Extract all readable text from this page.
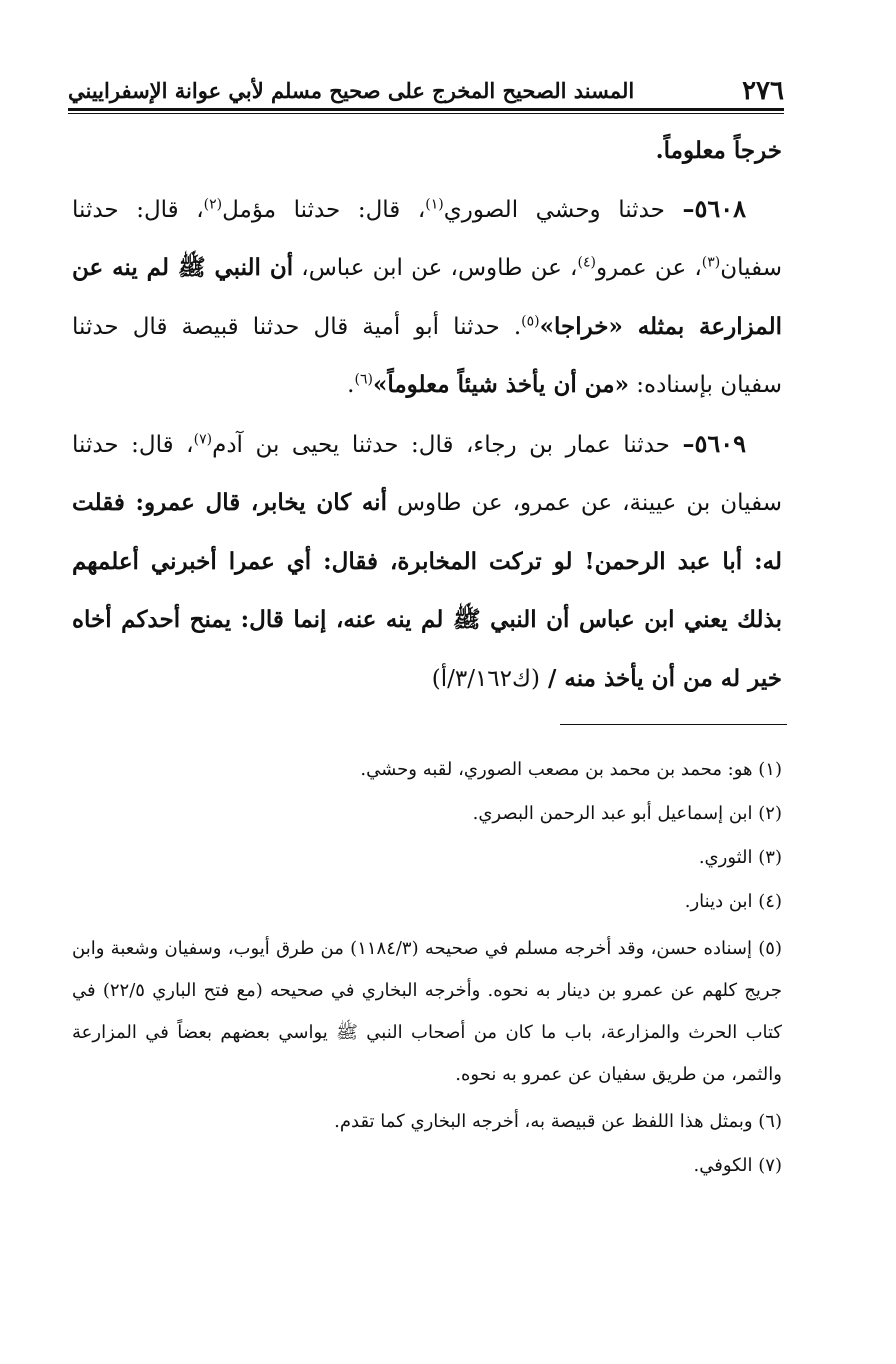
٢٧٦
المسند الصحيح المخرج على صحيح مسلم لأبي عوانة الإسفراييني

خرجاً معلوماً.

٥٦٠٨– حدثنا وحشي الصوري$^{(١)}$، قال: حدثنا مؤمل$^{(٢)}$، قال: حدثنا سفيان$^{(٣)}$، عن عمرو$^{(٤)}$، عن طاوس، عن ابن عباس، أن النبي ﷺ لم ينه عن المزارعة بمثله «خراجا»$^{(٥)}$. حدثنا أبو أمية قال حدثنا قبيصة قال حدثنا سفيان بإسناده: «من أن يأخذ شيئاً معلوماً»$^{(٦)}$.

٥٦٠٩– حدثنا عمار بن رجاء، قال: حدثنا يحيى بن آدم$^{(٧)}$، قال: حدثنا سفيان بن عيينة، عن عمرو، عن طاوس أنه كان يخابر، قال عمرو: فقلت له: أبا عبد الرحمن! لو تركت المخابرة، فقال: أي عمرا أخبرني أعلمهم بذلك يعني ابن عباس أن النبي ﷺ لم ينه عنه، إنما قال: يمنح أحدكم أخاه خير له من أن يأخذ منه / (ك٣/١٦٢/أ)

(١) هو: محمد بن محمد بن مصعب الصوري، لقبه وحشي.

(٢) ابن إسماعيل أبو عبد الرحمن البصري.

(٣) الثوري.

(٤) ابن دينار.

(٥) إسناده حسن، وقد أخرجه مسلم في صحيحه (١١٨٤/٣) من طرق أيوب، وسفيان وشعبة وابن جريج كلهم عن عمرو بن دينار به نحوه. وأخرجه البخاري في صحيحه (مع فتح الباري ٢٢/٥) في كتاب الحرث والمزارعة، باب ما كان من أصحاب النبي ﷺ يواسي بعضهم بعضاً في المزارعة والثمر، من طريق سفيان عن عمرو به نحوه.

(٦) وبمثل هذا اللفظ عن قبيصة به، أخرجه البخاري كما تقدم.

(٧) الكوفي.
